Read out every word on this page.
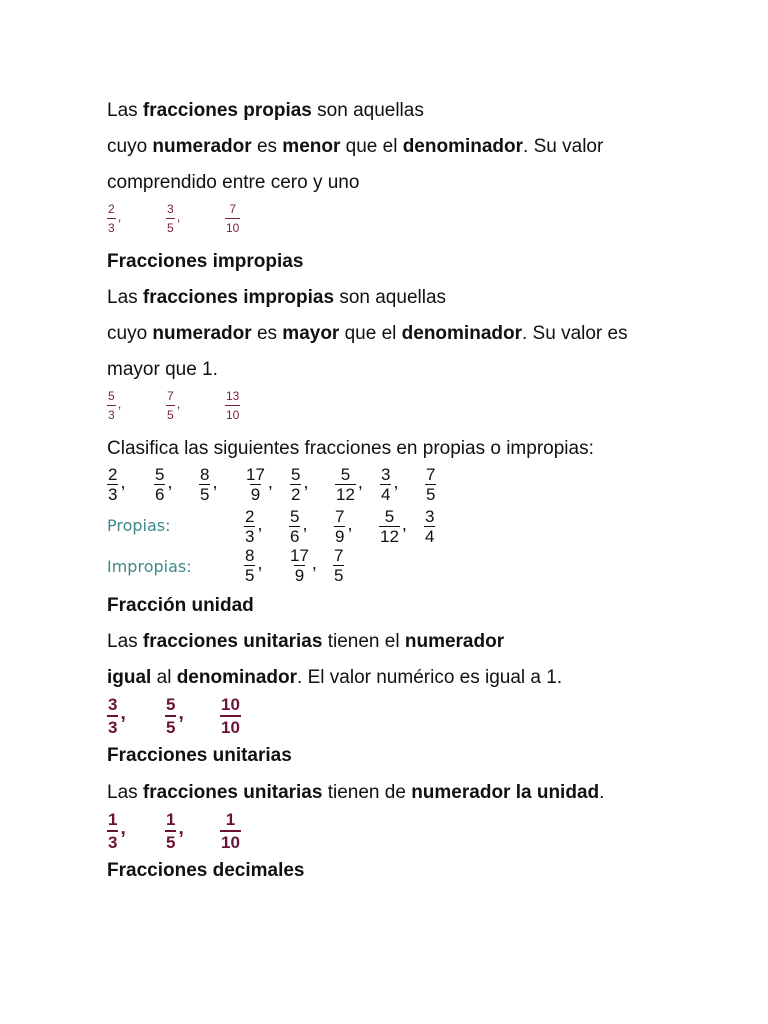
Las fracciones propias son aquellas
cuyo numerador es menor que el denominador. Su valor
comprendido entre cero y uno
$\frac{2}{3}$ ,	$\frac{3}{5}$ ,	$\frac{7}{10}$
Fracciones impropias
Las fracciones impropias son aquellas
cuyo numerador es mayor que el denominador. Su valor es
mayor que 1.
$\frac{5}{3}$ ,	$\frac{7}{5}$ ,	$\frac{13}{10}$
Clasifica las siguientes fracciones en propias o impropias:
$\frac{2}{3}$ , $\frac{5}{6}$ , $\frac{8}{5}$ , $\frac{17}{9}$ , $\frac{5}{2}$ , $\frac{5}{12}$ , $\frac{3}{4}$ , $\frac{7}{5}$
Propias:	$\frac{2}{3}$ , $\frac{5}{6}$ , $\frac{7}{9}$ , $\frac{5}{12}$ , $\frac{3}{4}$
Impropias:	$\frac{8}{5}$ , $\frac{17}{9}$ , $\frac{7}{5}$
Fracción unidad
Las fracciones unitarias tienen el numerador
igual al denominador. El valor numérico es igual a 1.
$\frac{3}{3}$ , $\frac{5}{5}$ , $\frac{10}{10}$
Fracciones unitarias
Las fracciones unitarias tienen de numerador la unidad.
$\frac{1}{3}$ , $\frac{1}{5}$ , $\frac{1}{10}$
Fracciones decimales
